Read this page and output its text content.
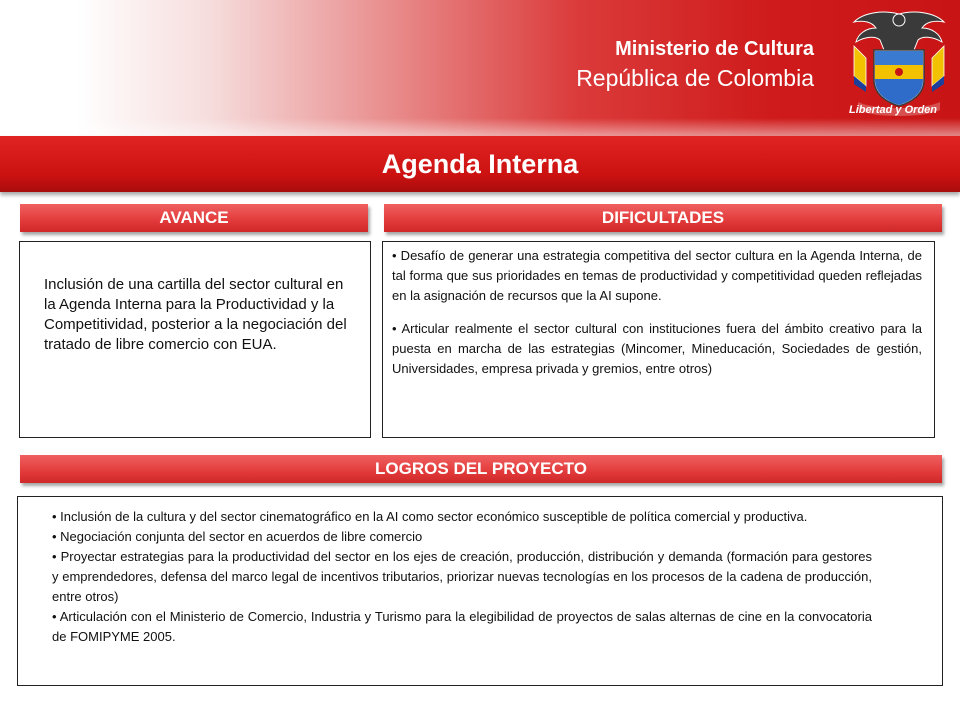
Ministerio de Cultura
República de Colombia
Libertad y Orden
Agenda Interna
AVANCE
Inclusión de una cartilla del sector cultural en la Agenda Interna para la Productividad y la Competitividad, posterior a la negociación del tratado de libre comercio con EUA.
DIFICULTADES

• Desafío de generar una estrategia competitiva del sector cultura en la Agenda Interna, de tal forma que sus prioridades en temas de productividad y competitividad queden reflejadas en la asignación de recursos que la AI supone.

• Articular realmente el sector cultural con instituciones fuera del ámbito creativo para la puesta en marcha de las estrategias (Mincomer, Mineducación, Sociedades de gestión, Universidades, empresa privada y gremios, entre otros)

LOGROS DEL PROYECTO

• Inclusión de la cultura y del sector cinematográfico en la AI como sector económico susceptible de política comercial y productiva.

• Negociación conjunta del sector en acuerdos de libre comercio

• Proyectar estrategias para la productividad del sector en los ejes de creación, producción, distribución y demanda (formación para gestores y emprendedores, defensa del marco legal de incentivos tributarios, priorizar nuevas tecnologías en los procesos de la cadena de producción, entre otros)

• Articulación con el Ministerio de Comercio, Industria y Turismo para la elegibilidad de proyectos de salas alternas de cine en la convocatoria de FOMIPYME 2005.
